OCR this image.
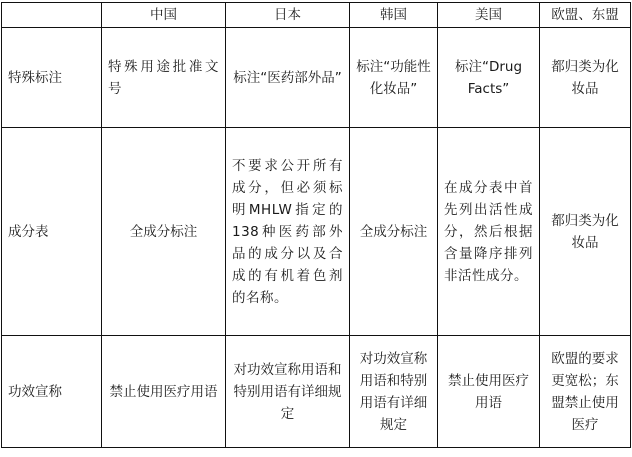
	中国	日本	韩国	美国	欧盟、东盟
特殊标注	特殊用途批准文号	标注“医药部外品”	标注“功能性化妆品”	标注“Drug Facts”	都归类为化妆品
成分表	全成分标注	不要求公开所有成分，但必须标明MHLW指定的138种医药部外品的成分以及合成的有机着色剂的名称。	全成分标注	在成分表中首先列出活性成分，然后根据含量降序排列非活性成分。	都归类为化妆品
功效宣称	禁止使用医疗用语	对功效宣称用语和特别用语有详细规定	对功效宣称用语和特别用语有详细规定	禁止使用医疗用语	欧盟的要求更宽松；东盟禁止使用医疗
